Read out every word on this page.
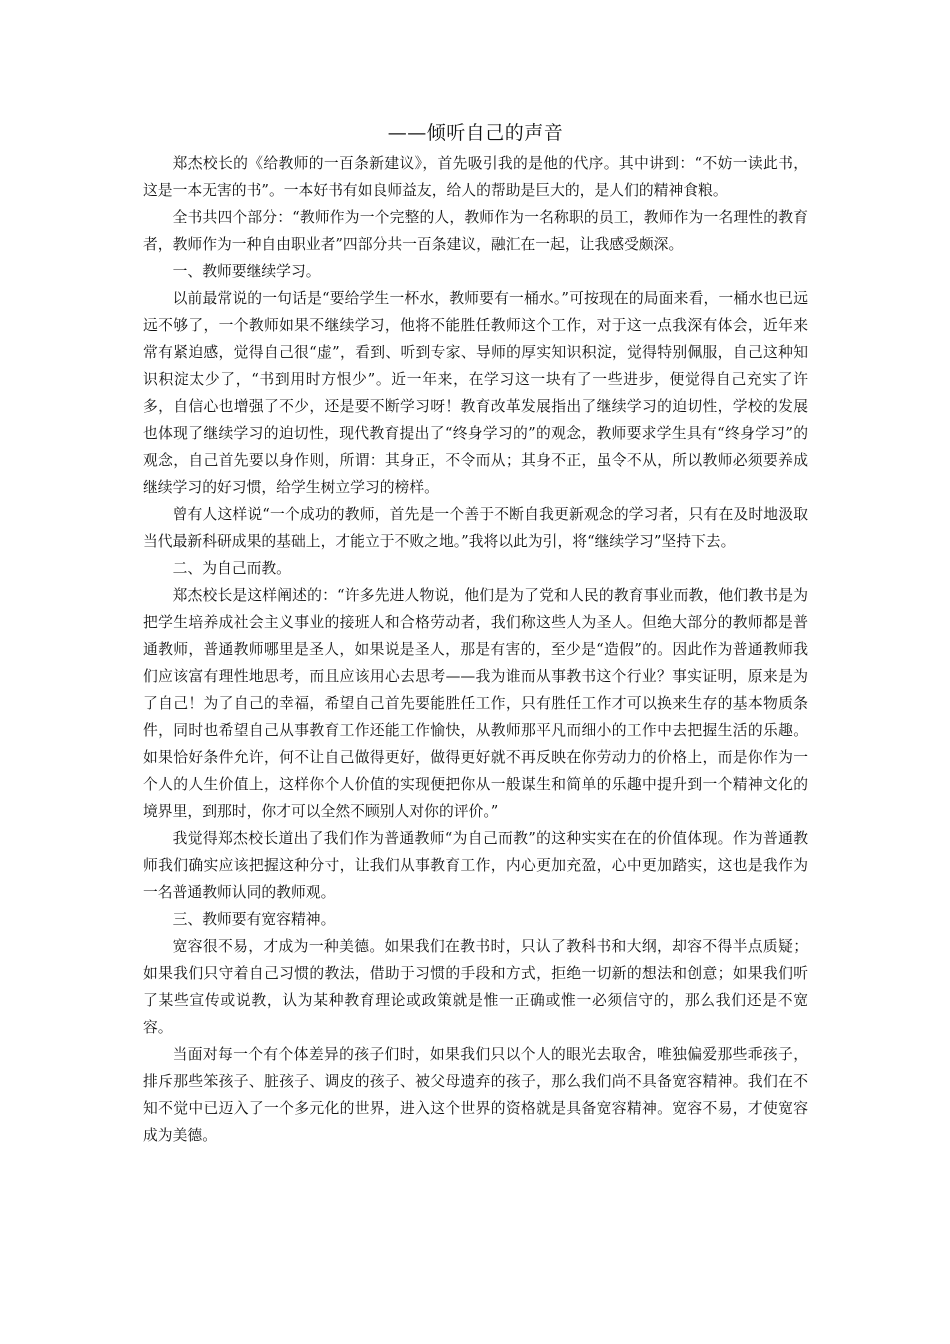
——倾听自己的声音

郑杰校长的《给教师的一百条新建议》，首先吸引我的是他的代序。其中讲到：“不妨一读此书，这是一本无害的书”。一本好书有如良师益友，给人的帮助是巨大的，是人们的精神食粮。

全书共四个部分：“教师作为一个完整的人，教师作为一名称职的员工，教师作为一名理性的教育者，教师作为一种自由职业者”四部分共一百条建议，融汇在一起，让我感受颇深。

一、教师要继续学习。

以前最常说的一句话是“要给学生一杯水，教师要有一桶水。”可按现在的局面来看，一桶水也已远远不够了，一个教师如果不继续学习，他将不能胜任教师这个工作，对于这一点我深有体会，近年来常有紧迫感，觉得自己很“虚”，看到、听到专家、导师的厚实知识积淀，觉得特别佩服，自己这种知识积淀太少了，“书到用时方恨少”。近一年来，在学习这一块有了一些进步，便觉得自己充实了许多，自信心也增强了不少，还是要不断学习呀！教育改革发展指出了继续学习的迫切性，学校的发展也体现了继续学习的迫切性，现代教育提出了“终身学习的”的观念，教师要求学生具有“终身学习”的观念，自己首先要以身作则，所谓：其身正，不令而从；其身不正，虽令不从，所以教师必须要养成继续学习的好习惯，给学生树立学习的榜样。

曾有人这样说“一个成功的教师，首先是一个善于不断自我更新观念的学习者，只有在及时地汲取当代最新科研成果的基础上，才能立于不败之地。”我将以此为引，将“继续学习”坚持下去。

二、为自己而教。

郑杰校长是这样阐述的：“许多先进人物说，他们是为了党和人民的教育事业而教，他们教书是为把学生培养成社会主义事业的接班人和合格劳动者，我们称这些人为圣人。但绝大部分的教师都是普通教师，普通教师哪里是圣人，如果说是圣人，那是有害的，至少是“造假”的。因此作为普通教师我们应该富有理性地思考，而且应该用心去思考——我为谁而从事教书这个行业？事实证明，原来是为了自己！为了自己的幸福，希望自己首先要能胜任工作，只有胜任工作才可以换来生存的基本物质条件，同时也希望自己从事教育工作还能工作愉快，从教师那平凡而细小的工作中去把握生活的乐趣。如果恰好条件允许，何不让自己做得更好，做得更好就不再反映在你劳动力的价格上，而是你作为一个人的人生价值上，这样你个人价值的实现便把你从一般谋生和简单的乐趣中提升到一个精神文化的境界里，到那时，你才可以全然不顾别人对你的评价。”

我觉得郑杰校长道出了我们作为普通教师“为自己而教”的这种实实在在的价值体现。作为普通教师我们确实应该把握这种分寸，让我们从事教育工作，内心更加充盈，心中更加踏实，这也是我作为一名普通教师认同的教师观。

三、教师要有宽容精神。

宽容很不易，才成为一种美德。如果我们在教书时，只认了教科书和大纲，却容不得半点质疑；如果我们只守着自己习惯的教法，借助于习惯的手段和方式，拒绝一切新的想法和创意；如果我们听了某些宣传或说教，认为某种教育理论或政策就是惟一正确或惟一必须信守的，那么我们还是不宽容。

当面对每一个有个体差异的孩子们时，如果我们只以个人的眼光去取舍，唯独偏爱那些乖孩子，排斥那些笨孩子、脏孩子、调皮的孩子、被父母遗弃的孩子，那么我们尚不具备宽容精神。我们在不知不觉中已迈入了一个多元化的世界，进入这个世界的资格就是具备宽容精神。宽容不易，才使宽容成为美德。
